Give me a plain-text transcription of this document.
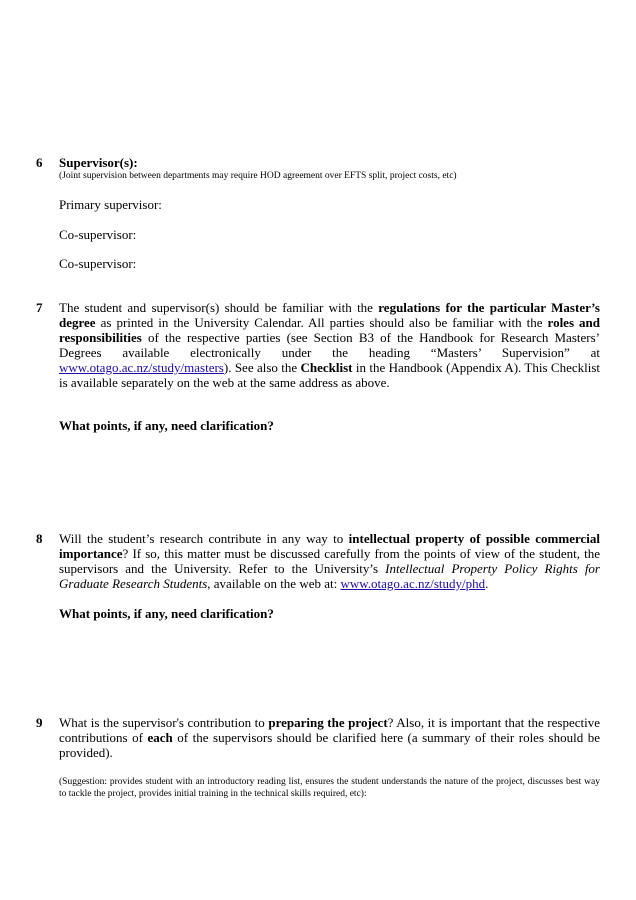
6 Supervisor(s):
(Joint supervision between departments may require HOD agreement over EFTS split, project costs, etc)
Primary supervisor:
Co-supervisor:
Co-supervisor:
7 The student and supervisor(s) should be familiar with the regulations for the particular Master’s degree as printed in the University Calendar. All parties should also be familiar with the roles and responsibilities of the respective parties (see Section B3 of the Handbook for Research Masters’ Degrees available electronically under the heading “Masters’ Supervision” at www.otago.ac.nz/study/masters). See also the Checklist in the Handbook (Appendix A). This Checklist is available separately on the web at the same address as above.
What points, if any, need clarification?
8 Will the student’s research contribute in any way to intellectual property of possible commercial importance? If so, this matter must be discussed carefully from the points of view of the student, the supervisors and the University. Refer to the University’s Intellectual Property Policy Rights for Graduate Research Students, available on the web at: www.otago.ac.nz/study/phd.
What points, if any, need clarification?
9 What is the supervisor's contribution to preparing the project? Also, it is important that the respective contributions of each of the supervisors should be clarified here (a summary of their roles should be provided).
(Suggestion: provides student with an introductory reading list, ensures the student understands the nature of the project, discusses best way to tackle the project, provides initial training in the technical skills required, etc):
